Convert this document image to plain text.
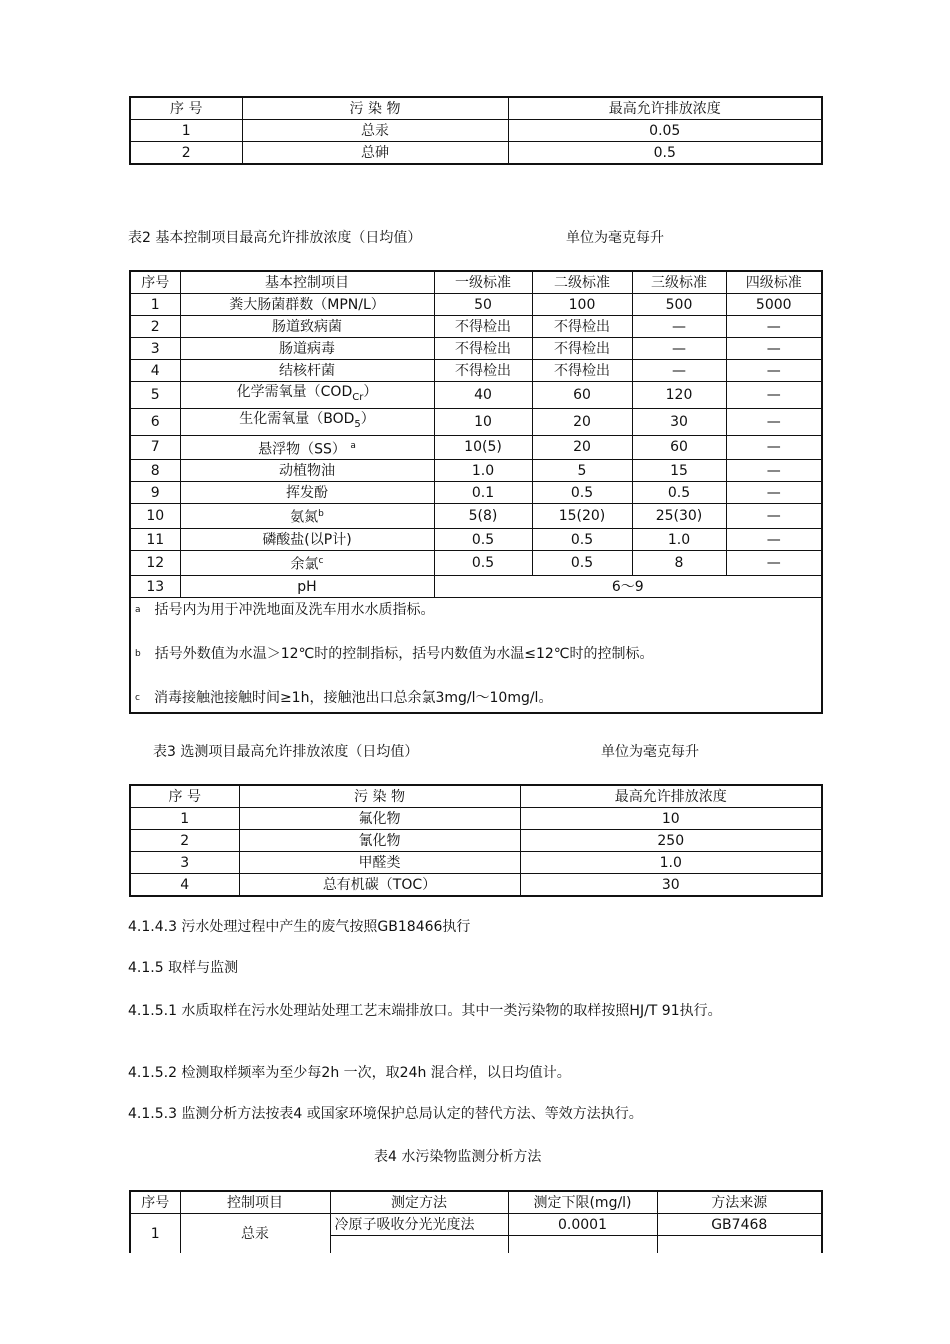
序 号	污 染 物	最高允许排放浓度
1	总汞	0.05
2	总砷	0.5
表2 基本控制项目最高允许排放浓度（日均值）	单位为毫克每升
序号	基本控制项目	一级标准	二级标准	三级标准	四级标准
1	粪大肠菌群数（MPN/L）	50	100	500	5000
2	肠道致病菌	不得检出	不得检出	—	—
3	肠道病毒	不得检出	不得检出	—	—
4	结核杆菌	不得检出	不得检出	—	—
5	化学需氧量$(COD_{Cr})$	40	60	120	—
6	生化需氧量$(BOD_5)$	10	20	30	—
7	悬浮物（SS） $^a$	10(5)	20	60	—
8	动植物油	1.0	5	15	—
9	挥发酚	0.1	0.5	0.5	—
10	氨氮$^b$	5(8)	15(20)	25(30)	—
11	磷酸盐(以P计)	0.5	0.5	1.0	—
12	余氯$^c$	0.5	0.5	8	—
13	pH	6～9			

$^a$ 括号内为用于冲洗地面及洗车用水水质指标。
$^b$ 括号外数值为水温＞12℃时的控制指标，括号内数值为水温≤12℃时的控制标。
$^c$ 消毒接触池接触时间≥1h，接触池出口总余氯3mg/l～10mg/l。					
表3 选测项目最高允许排放浓度（日均值）	单位为毫克每升
序 号	污 染 物	最高允许排放浓度
1	氟化物	10
2	氰化物	250
3	甲醛类	1.0
4	总有机碳（TOC）	30
4.1.4.3 污水处理过程中产生的废气按照GB18466执行
4.1.5 取样与监测
4.1.5.1 水质取样在污水处理站处理工艺末端排放口。其中一类污染物的取样按照HJ/T 91执行。
4.1.5.2 检测取样频率为至少每2h 一次，取24h 混合样，以日均值计。
4.1.5.3 监测分析方法按表4 或国家环境保护总局认定的替代方法、等效方法执行。
表4 水污染物监测分析方法
序号	控制项目	测定方法	测定下限(mg/l)	方法来源
1	总汞	冷原子吸收分光光度法	0.0001	GB7468
